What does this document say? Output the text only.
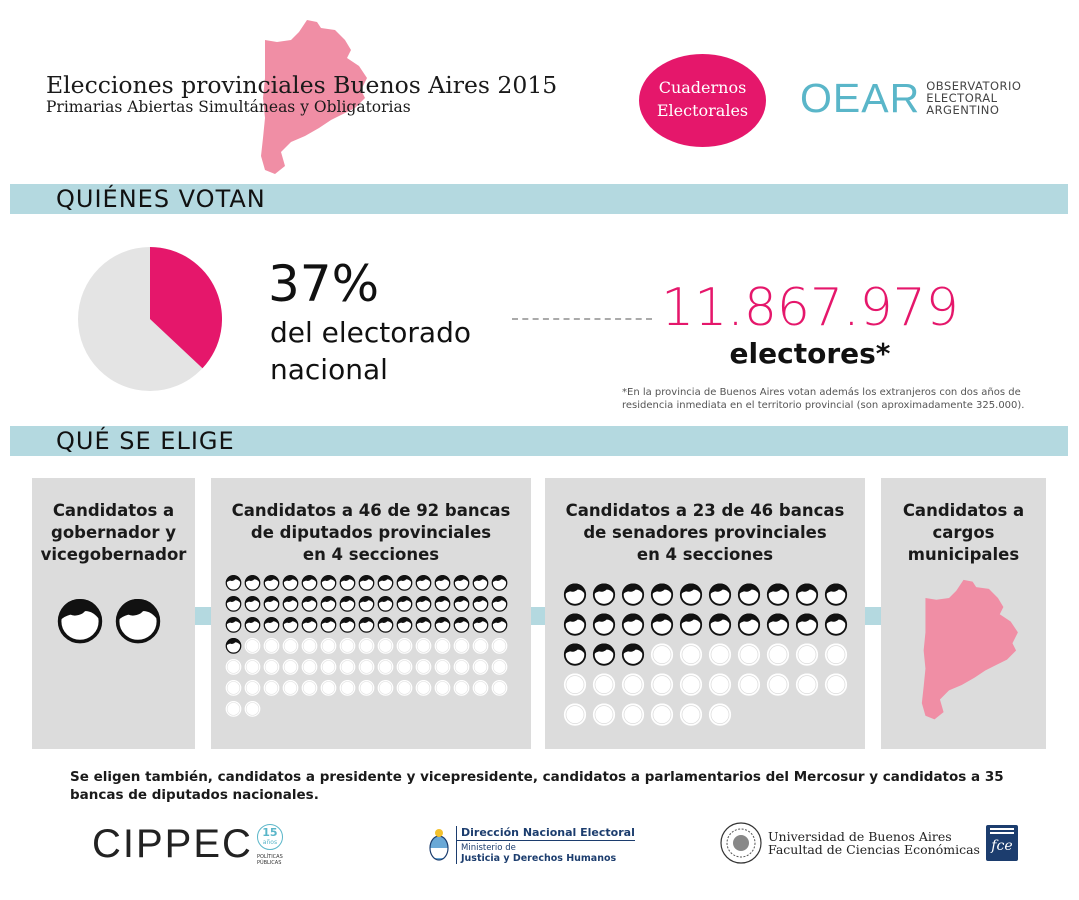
Elecciones provinciales Buenos Aires 2015
Primarias Abiertas Simultáneas y Obligatorias
Cuadernos
Electorales	OEAR OBSERVATORIO
ELECTORAL
ARGENTINO
QUIÉNES VOTAN
37%
del electorado
nacional
11.867.979
electores*
*En la provincia de Buenos Aires votan además los extranjeros con dos años de
residencia inmediata en el territorio provincial (son aproximadamente 325.000).
QUÉ SE ELIGE
Candidatos a
gobernador y
vicegobernador
Candidatos a 46 de 92 bancas
de diputados provinciales
en 4 secciones
Candidatos a 23 de 46 bancas
de senadores provinciales
en 4 secciones
Candidatos a
cargos
municipales
Se eligen también, candidatos a presidente y vicepresidente, candidatos a parlamentarios del Mercosur y candidatos a 35
bancas de diputados nacionales.
CIPPEC 15
años
POLÍTICAS
PÚBLICAS
Dirección Nacional Electoral
Ministerio de
Justicia y Derechos Humanos
Universidad de Buenos Aires
Facultad de Ciencias Económicas fce
